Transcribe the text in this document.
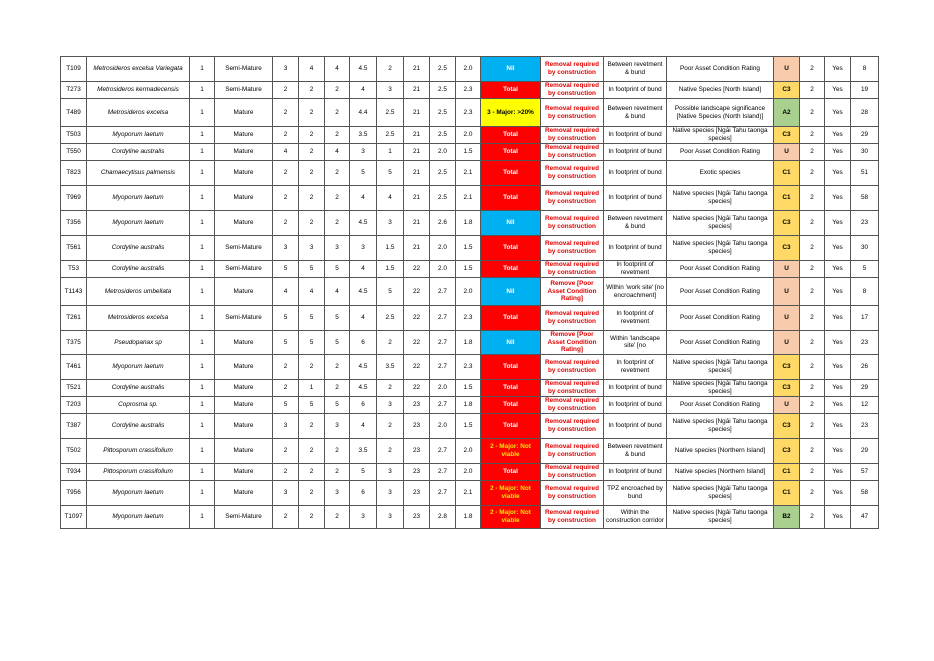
T109	Metrosideros excelsa Variegata	1	Semi-Mature	3	4	4	4.5	2	21	2.5	2.0	Nil	Removal required by construction	Between revetment & bund	Poor Asset Condition Rating	U	2	Yes	8
T273	Metrosideros kermadecensis	1	Semi-Mature	2	2	2	4	3	21	2.5	2.3	Total	Removal required by construction	In footprint of bund	Native Species [North Island]	C3	2	Yes	19
T489	Metrosideros excelsa	1	Mature	2	2	2	4.4	2.5	21	2.5	2.3	3 - Major: >20%	Removal required by construction	Between revetment & bund	Possible landscape significance [Native Species (North Island)]	A2	2	Yes	28
T503	Myoporum laetum	1	Mature	2	2	2	3.5	2.5	21	2.5	2.0	Total	Removal required by construction	In footprint of bund	Native species [Ngāi Tahu taonga species]	C3	2	Yes	29
T550	Cordyline australis	1	Mature	4	2	4	3	1	21	2.0	1.5	Total	Removal required by construction	In footprint of bund	Poor Asset Condition Rating	U	2	Yes	30
T823	Chamaecytisus palmensis	1	Mature	2	2	2	5	5	21	2.5	2.1	Total	Removal required by construction	In footprint of bund	Exotic species	C1	2	Yes	51
T969	Myoporum laetum	1	Mature	2	2	2	4	4	21	2.5	2.1	Total	Removal required by construction	In footprint of bund	Native species [Ngāi Tahu taonga species]	C1	2	Yes	58
T356	Myoporum laetum	1	Mature	2	2	2	4.5	3	21	2.6	1.8	Nil	Removal required by construction	Between revetment & bund	Native species [Ngāi Tahu taonga species]	C3	2	Yes	23
T561	Cordyline australis	1	Semi-Mature	3	3	3	3	1.5	21	2.0	1.5	Total	Removal required by construction	In footprint of bund	Native species [Ngāi Tahu taonga species]	C3	2	Yes	30
T53	Cordyline australis	1	Semi-Mature	5	5	5	4	1.5	22	2.0	1.5	Total	Removal required by construction	In footprint of revetment	Poor Asset Condition Rating	U	2	Yes	5
T1143	Metrosideros umbellata	1	Mature	4	4	4	4.5	5	22	2.7	2.0	Nil	Remove [Poor Asset Condition Rating]	Within 'work site' [no encroachment]	Poor Asset Condition Rating	U	2	Yes	8
T261	Metrosideros excelsa	1	Semi-Mature	5	5	5	4	2.5	22	2.7	2.3	Total	Removal required by construction	In footprint of revetment	Poor Asset Condition Rating	U	2	Yes	17
T375	Pseudopanax sp	1	Mature	5	5	5	6	2	22	2.7	1.8	Nil	Remove [Poor Asset Condition Rating]	Within 'landscape site' [no	Poor Asset Condition Rating	U	2	Yes	23
T461	Myoporum laetum	1	Mature	2	2	2	4.5	3.5	22	2.7	2.3	Total	Removal required by construction	In footprint of revetment	Native species [Ngāi Tahu taonga species]	C3	2	Yes	26
T521	Cordyline australis	1	Mature	2	1	2	4.5	2	22	2.0	1.5	Total	Removal required by construction	In footprint of bund	Native species [Ngāi Tahu taonga species]	C3	2	Yes	29
T203	Coprosma sp.	1	Mature	5	5	5	6	3	23	2.7	1.8	Total	Removal required by construction	In footprint of bund	Poor Asset Condition Rating	U	2	Yes	12
T387	Cordyline australis	1	Mature	3	2	3	4	2	23	2.0	1.5	Total	Removal required by construction	In footprint of bund	Native species [Ngāi Tahu taonga species]	C3	2	Yes	23
T502	Pittosporum crassifolium	1	Mature	2	2	2	3.5	2	23	2.7	2.0	2 - Major: Not viable	Removal required by construction	Between revetment & bund	Native species [Northern Island]	C3	2	Yes	29
T934	Pittosporum crassifolium	1	Mature	2	2	2	5	3	23	2.7	2.0	Total	Removal required by construction	In footprint of bund	Native species [Northern Island]	C1	2	Yes	57
T956	Myoporum laetum	1	Mature	3	2	3	6	3	23	2.7	2.1	2 - Major: Not viable	Removal required by construction	TPZ encroached by bund	Native species [Ngāi Tahu taonga species]	C1	2	Yes	58
T1097	Myoporum laetum	1	Semi-Mature	2	2	2	3	3	23	2.8	1.8	2 - Major: Not viable	Removal required by construction	Within the construction corridor	Native species [Ngāi Tahu taonga species]	B2	2	Yes	47
